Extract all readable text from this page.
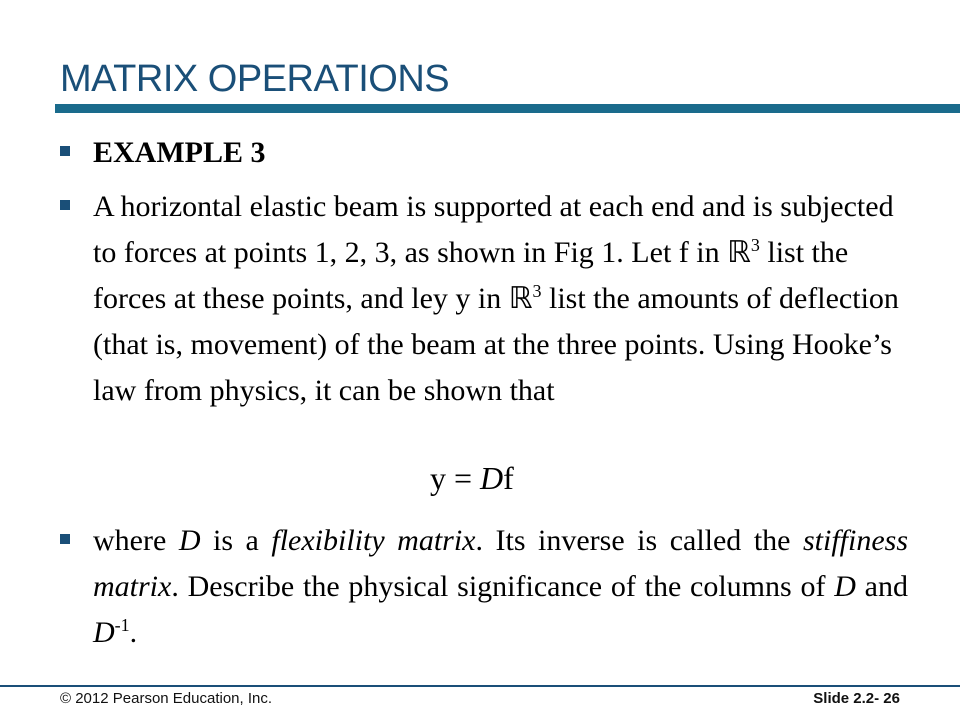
MATRIX OPERATIONS
EXAMPLE 3
A horizontal elastic beam is supported at each end and is subjected to forces at points 1, 2, 3, as shown in Fig 1. Let f in ℝ$^3$ list the forces at these points, and ley y in ℝ$^3$ list the amounts of deflection (that is, movement) of the beam at the three points. Using Hooke’s law from physics, it can be shown that
y = Df
where D is a flexibility matrix. Its inverse is called the stiffiness matrix. Describe the physical significance of the columns of D and $D^{-1}$.
© 2012 Pearson Education, Inc.	Slide 2.2- 26
